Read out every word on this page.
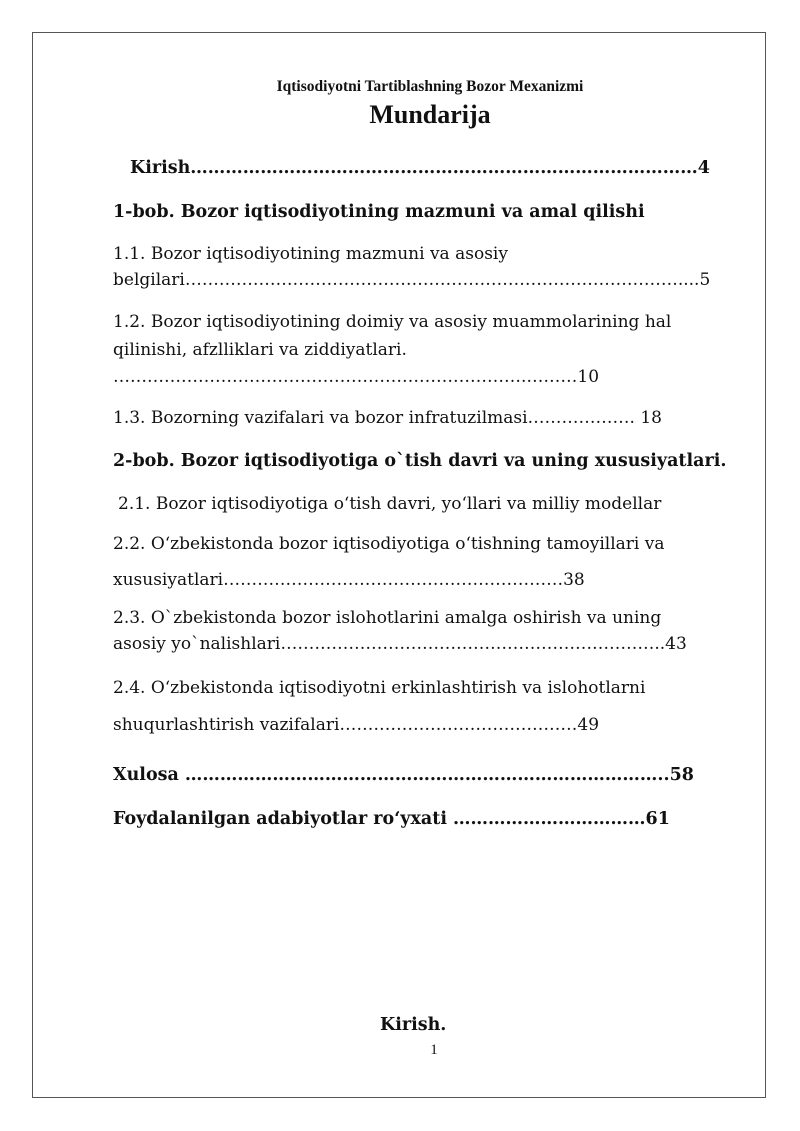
Iqtisodiyotni Tartiblashning Bozor Mexanizmi
Mundarija
Kirish……………………………………………………………………………4
1-bob. Bozor iqtisodiyotining mazmuni va amal qilishi
1.1. Bozor iqtisodiyotining mazmuni va asosiy
belgilari……………………………………………………………………………....5
1.2. Bozor iqtisodiyotining doimiy va asosiy muammolarining hal
qilinishi, afzlliklari va ziddiyatlari.
……………………………………………………………….………10
1.3. Bozorning vazifalari va bozor infratuzilmasi………………. 18
2-bob. Bozor iqtisodiyotiga o`tish davri va uning xususiyatlari.
2.1. Bozor iqtisodiyotiga o‘tish davri, yo‘llari va milliy modellar
2.2. O‘zbekistonda bozor iqtisodiyotiga o‘tishning tamoyillari va
xususiyatlari……………………………………………………38
2.3. O`zbekistonda bozor islohotlarini amalga oshirish va uning
asosiy yo`nalishlari…………………………………………………………..43
2.4. O‘zbekistonda iqtisodiyotni erkinlashtirish va islohotlarni
shuqurlashtirish vazifalari……………………………………49
Xulosa ………………………………………………………………………..58
Foydalanilgan adabiyotlar ro‘yxati ……………………………61
Kirish.
1
